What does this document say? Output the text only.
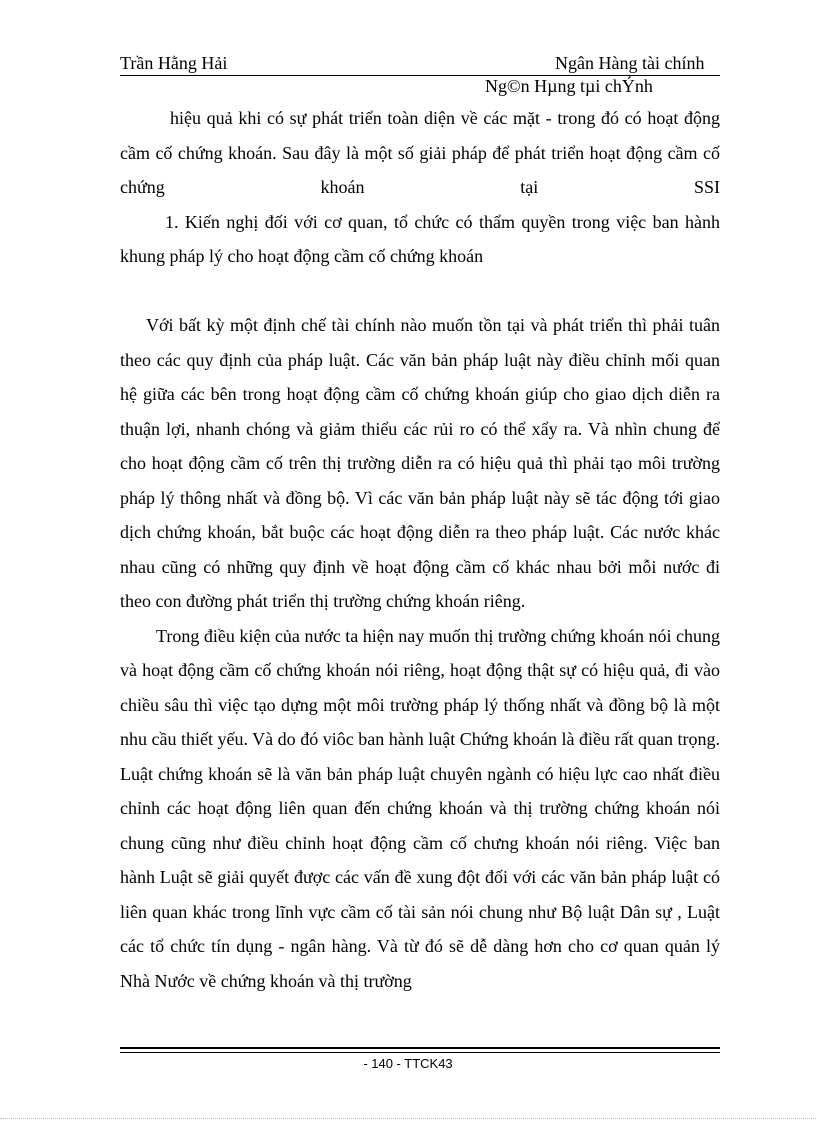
Trần Hằng Hải	Ngân Hàng tài chính
Ng©n Hµng tµi chÝnh

hiệu quả khi có sự phát triển toàn diện về các mặt - trong đó có hoạt động cầm cố chứng khoán. Sau đây là một số giải pháp để phát triển hoạt động cầm cố chứng khoán tại SSI

1. Kiến nghị đối với cơ quan, tổ chức có thẩm quyền trong việc ban hành khung pháp lý cho hoạt động cầm cố chứng khoán

Với bất kỳ một định chế tài chính nào muốn tồn tại và phát triển thì phải tuân theo các quy định của pháp luật. Các văn bản pháp luật này điều chỉnh mối quan hệ giữa các bên trong hoạt động cầm cố chứng khoán giúp cho giao dịch diễn ra thuận lợi, nhanh chóng và giảm thiểu các rủi ro có thể xẩy ra. Và nhìn chung để cho hoạt động cầm cố trên thị trường diễn ra có hiệu quả thì phải tạo môi trường pháp lý thông nhất và đồng bộ. Vì các văn bản pháp luật này sẽ tác động tới giao dịch chứng khoán, bắt buộc các hoạt động diễn ra theo pháp luật. Các nước khác nhau cũng có những quy định về hoạt động cầm cố khác nhau bởi mỗi nước đi theo con đường phát triển thị trường chứng khoán riêng.

Trong điều kiện của nước ta hiện nay muốn thị trường chứng khoán nói chung và hoạt động cầm cố chứng khoán nói riêng, hoạt động thật sự có hiệu quả, đi vào chiều sâu thì việc tạo dựng một môi trường pháp lý thống nhất và đồng bộ là một nhu cầu thiết yếu. Và do đó viôc ban hành luật Chứng khoán là điều rất quan trọng. Luật chứng khoán sẽ là văn bản pháp luật chuyên ngành có hiệu lực cao nhất điều chỉnh các hoạt động liên quan đến chứng khoán và thị trường chứng khoán nói chung cũng như điều chỉnh hoạt động cầm cố chưng khoán nói riêng. Việc ban hành Luật sẽ giải quyết được các vấn đề xung đột đối với các văn bản pháp luật có liên quan khác trong lĩnh vực cầm cố tài sản nói chung như Bộ luật Dân sự , Luật các tổ chức tín dụng - ngân hàng. Và từ đó sẽ dễ dàng hơn cho cơ quan quản lý Nhà Nước về chứng khoán và thị trường

- 140 - TTCK43
